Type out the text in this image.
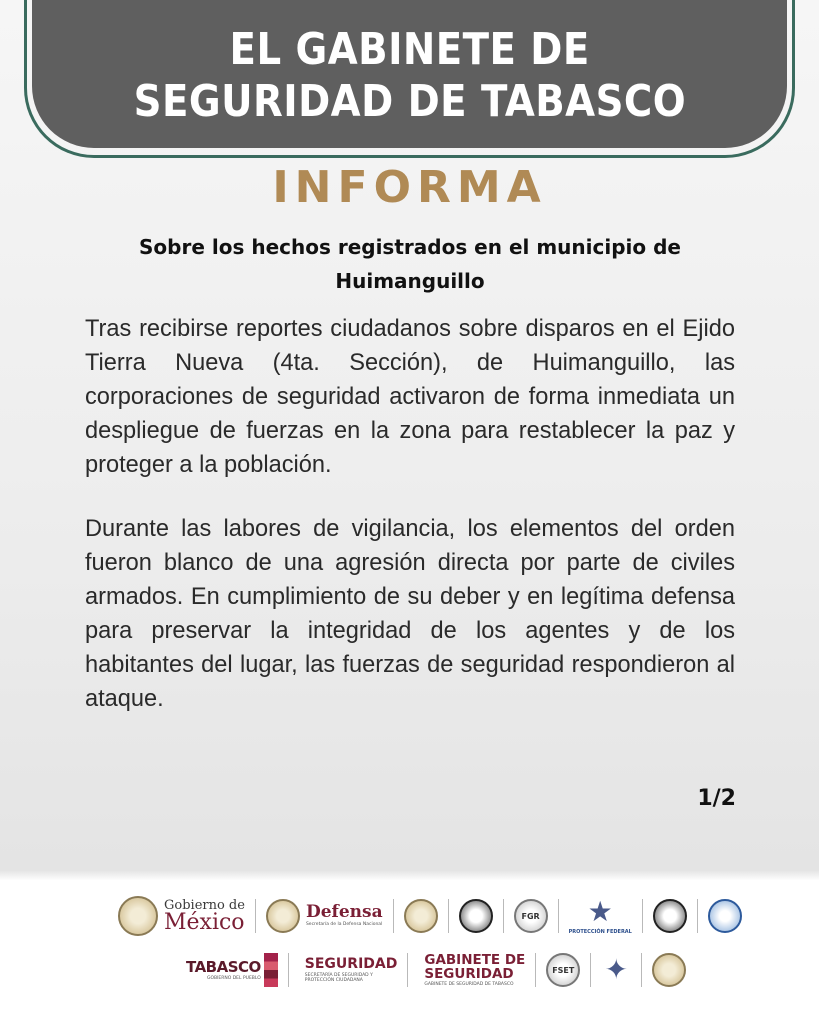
EL GABINETE DE
SEGURIDAD DE TABASCO
INFORMA
Sobre los hechos registrados en el municipio de
Huimanguillo

Tras recibirse reportes ciudadanos sobre disparos en el Ejido Tierra Nueva (4ta. Sección), de Huimanguillo, las corporaciones de seguridad activaron de forma inmediata un despliegue de fuerzas en la zona para restablecer la paz y proteger a la población.

Durante las labores de vigilancia, los elementos del orden fueron blanco de una agresión directa por parte de civiles armados. En cumplimiento de su deber y en legítima defensa para preservar la integridad de los agentes y de los habitantes del lugar, las fuerzas de seguridad respondieron al ataque.

1/2
Gobierno de
México	Defensa
Secretaría de la Defensa Nacional
FGR ★
PROTECCIÓN FEDERAL
TABASCO
GOBIERNO DEL PUEBLO
SEGURIDAD
SECRETARÍA DE SEGURIDAD Y PROTECCIÓN CIUDADANA
GABINETE DE
SEGURIDAD
GABINETE DE SEGURIDAD DE TABASCO
FSET ✦
